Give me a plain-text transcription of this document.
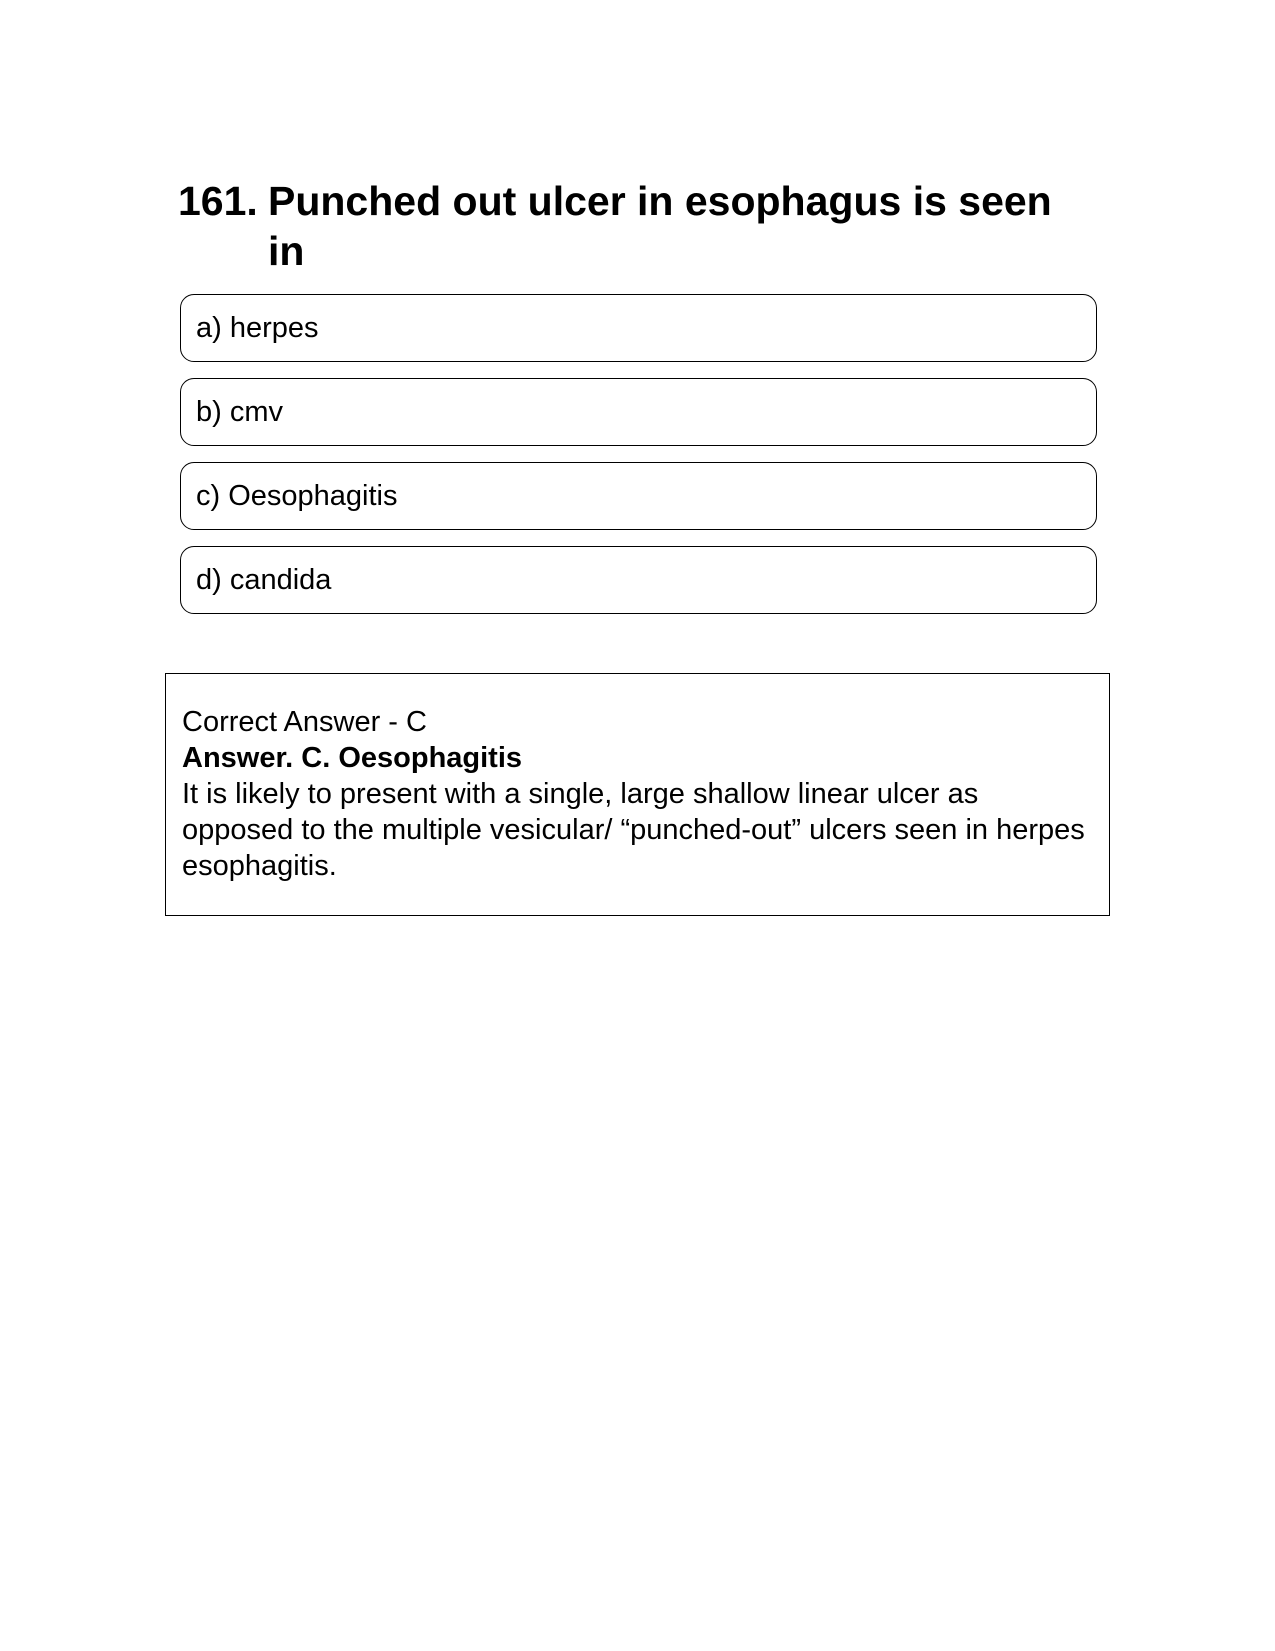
161. Punched out ulcer in esophagus is seen in
a) herpes
b) cmv
c) Oesophagitis
d) candida
Correct Answer - C
Answer. C. Oesophagitis
It is likely to present with a single, large shallow linear ulcer as opposed to the multiple vesicular/ “punched-out” ulcers seen in herpes esophagitis.
